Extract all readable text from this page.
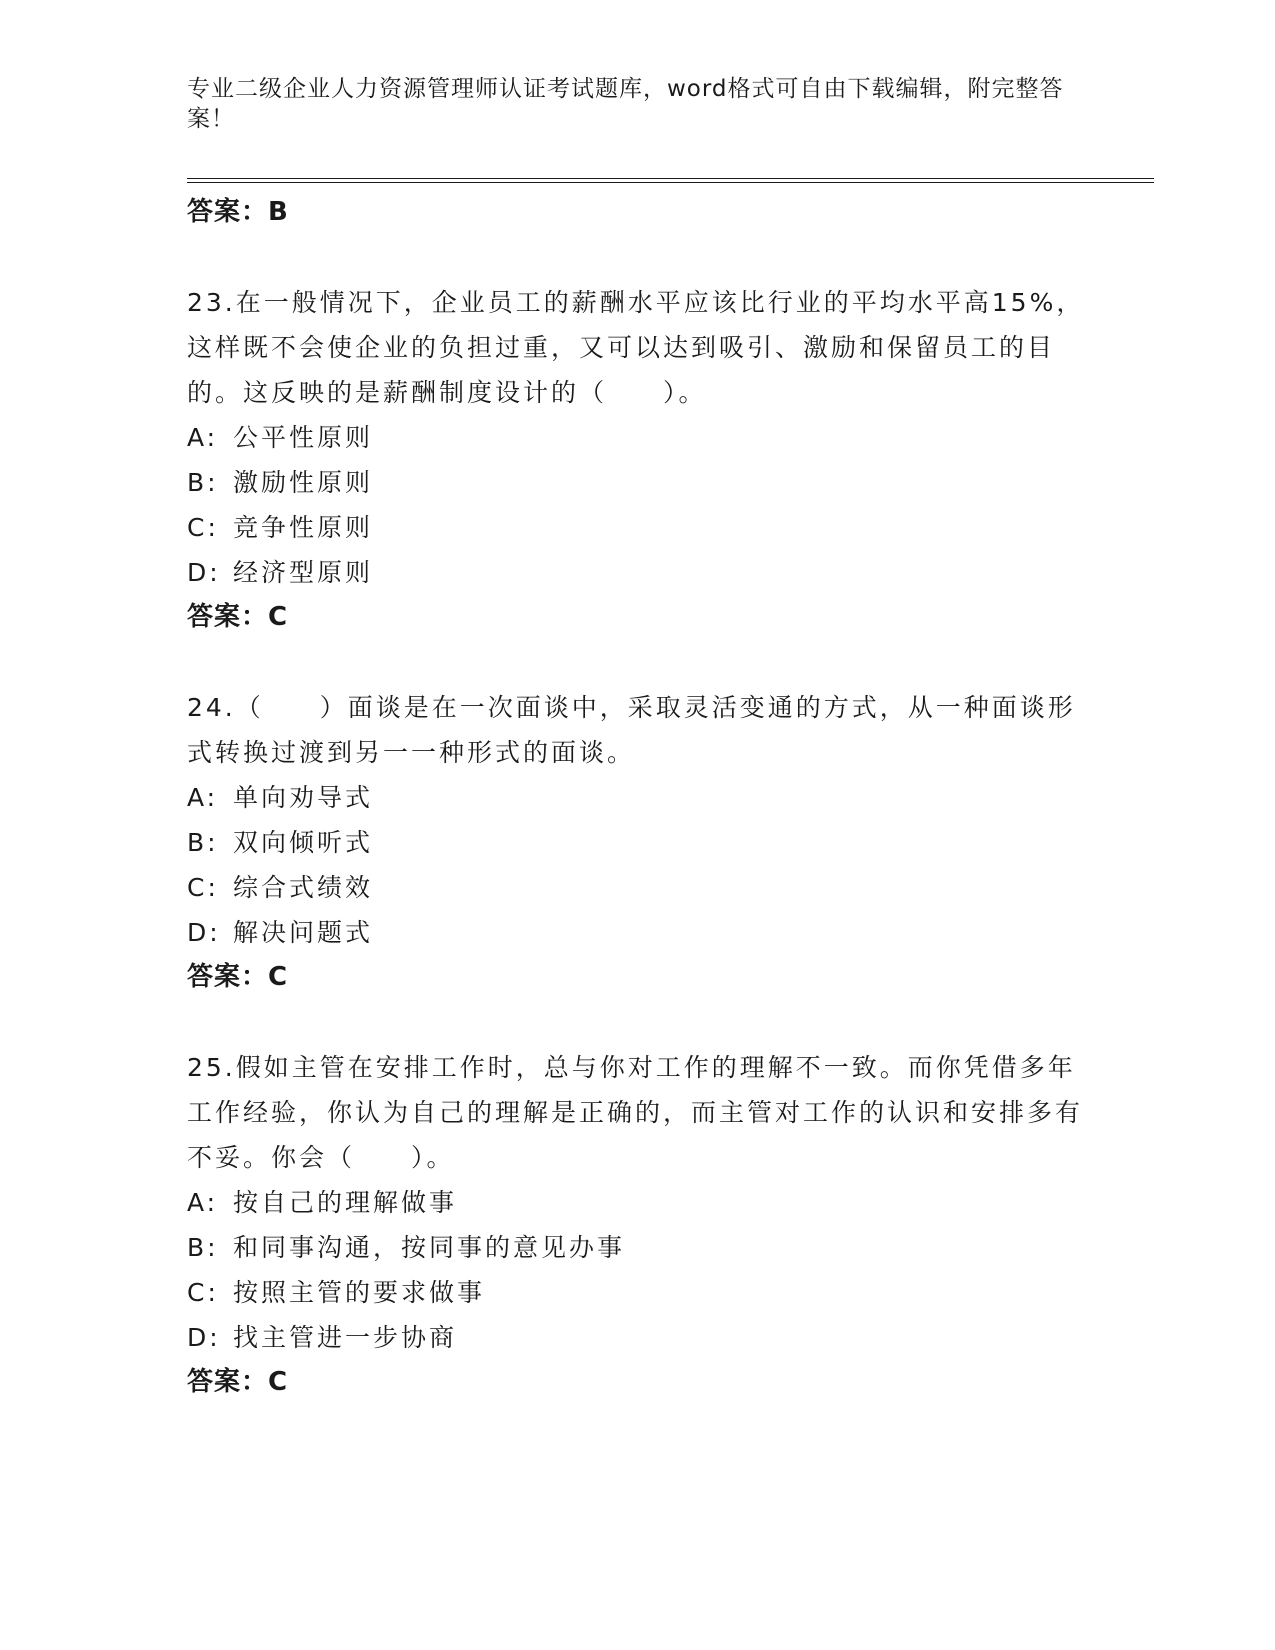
专业二级企业人力资源管理师认证考试题库，word格式可自由下载编辑，附完整答案！
答案：B

23.在一般情况下，企业员工的薪酬水平应该比行业的平均水平高15%，这样既不会使企业的负担过重，又可以达到吸引、激励和保留员工的目的。这反映的是薪酬制度设计的（　　）。

A: 公平性原则
B: 激励性原则
C: 竞争性原则
D: 经济型原则
答案：C

24.（　　）面谈是在一次面谈中，采取灵活变通的方式，从一种面谈形式转换过渡到另一一种形式的面谈。

A: 单向劝导式
B: 双向倾听式
C: 综合式绩效
D: 解决问题式
答案：C

25.假如主管在安排工作时，总与你对工作的理解不一致。而你凭借多年工作经验，你认为自己的理解是正确的，而主管对工作的认识和安排多有不妥。你会（　　）。

A: 按自己的理解做事
B: 和同事沟通，按同事的意见办事
C: 按照主管的要求做事
D: 找主管进一步协商
答案：C
